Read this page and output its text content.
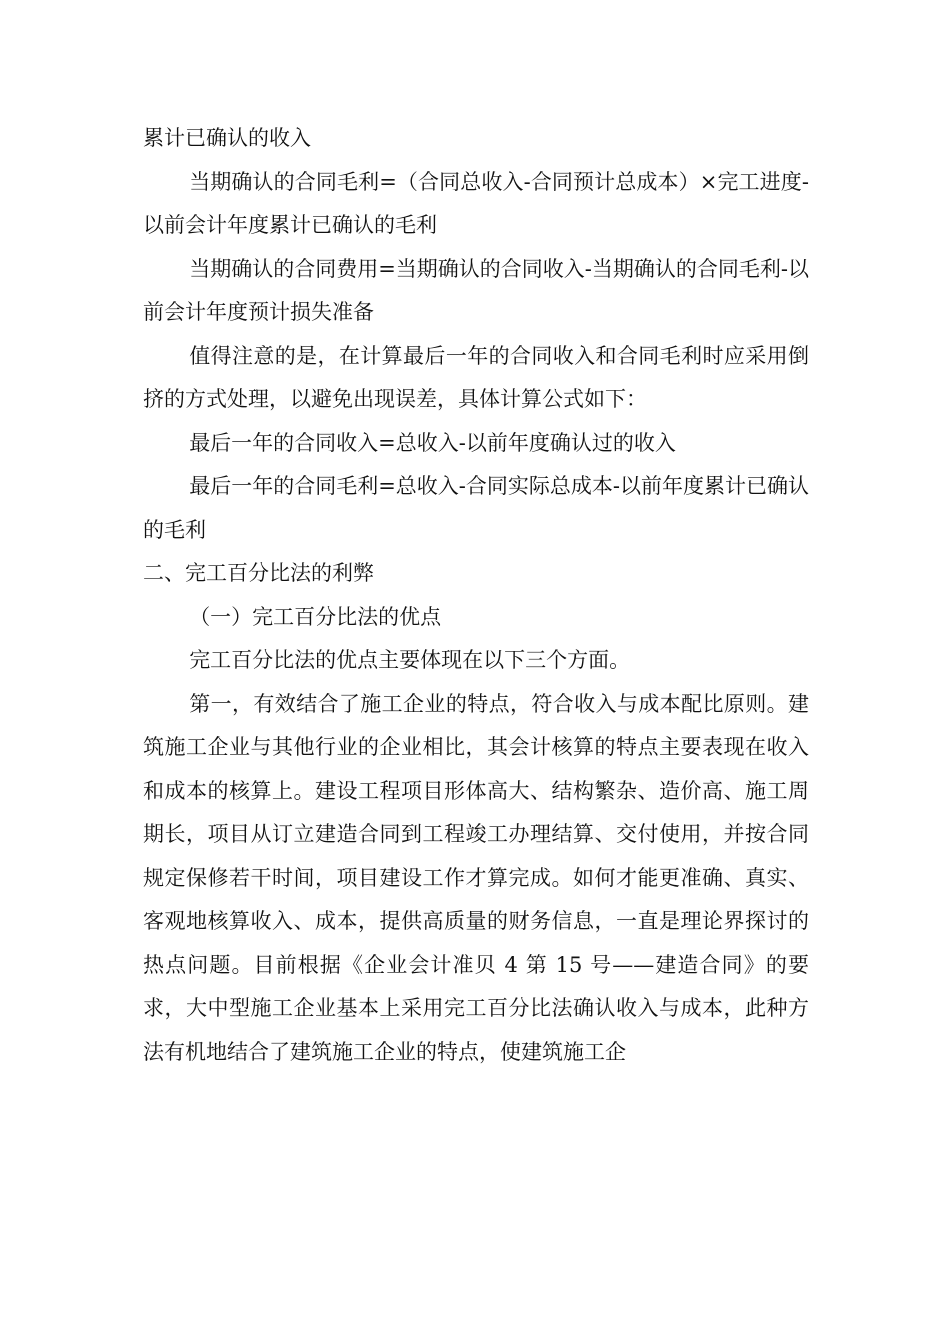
累计已确认的收入

当期确认的合同毛利=（合同总收入-合同预计总成本）×完工进度-以前会计年度累计已确认的毛利

当期确认的合同费用=当期确认的合同收入-当期确认的合同毛利-以前会计年度预计损失准备

值得注意的是，在计算最后一年的合同收入和合同毛利时应采用倒挤的方式处理，以避免出现误差，具体计算公式如下：

最后一年的合同收入=总收入-以前年度确认过的收入

最后一年的合同毛利=总收入-合同实际总成本-以前年度累计已确认的毛利

二、完工百分比法的利弊

（一）完工百分比法的优点

完工百分比法的优点主要体现在以下三个方面。

第一，有效结合了施工企业的特点，符合收入与成本配比原则。建筑施工企业与其他行业的企业相比，其会计核算的特点主要表现在收入和成本的核算上。建设工程项目形体高大、结构繁杂、造价高、施工周期长，项目从订立建造合同到工程竣工办理结算、交付使用，并按合同规定保修若干时间，项目建设工作才算完成。如何才能更准确、真实、客观地核算收入、成本，提供高质量的财务信息，一直是理论界探讨的热点问题。目前根据《企业会计准贝 4 第 15 号——建造合同》的要求，大中型施工企业基本上采用完工百分比法确认收入与成本，此种方法有机地结合了建筑施工企业的特点，使建筑施工企
